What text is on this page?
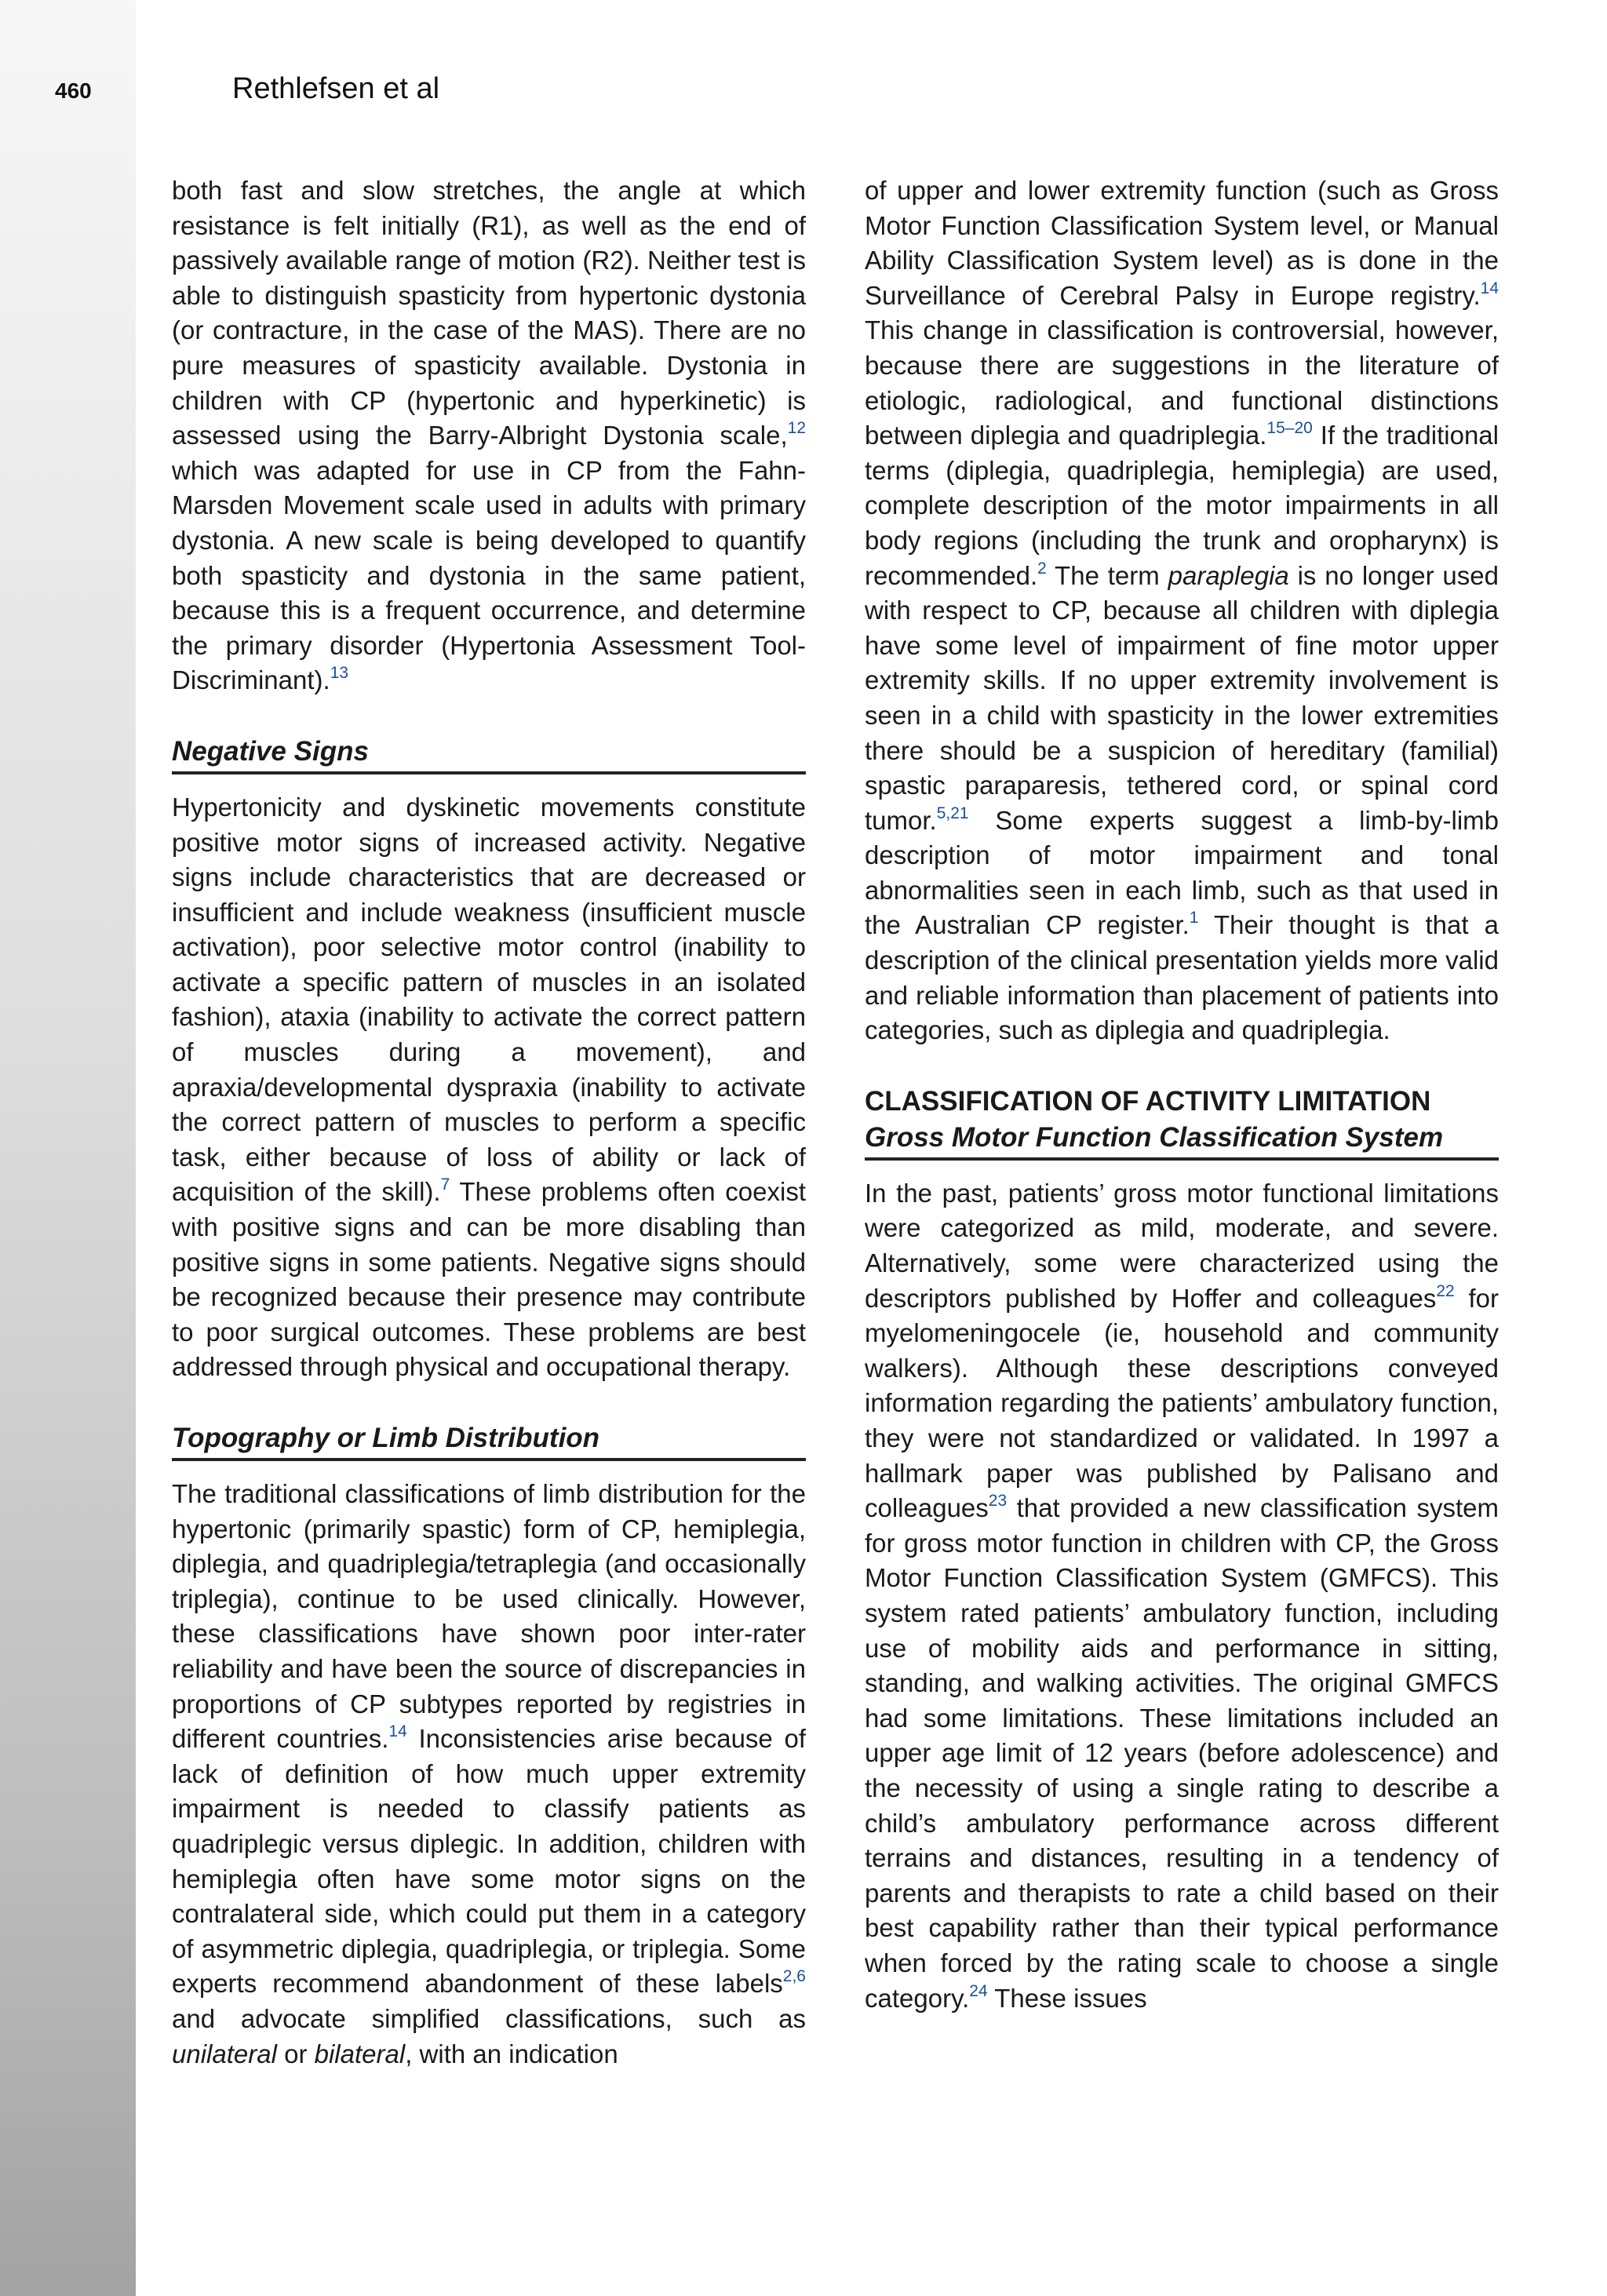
460	Rethlefsen et al

both fast and slow stretches, the angle at which resistance is felt initially (R1), as well as the end of passively available range of motion (R2). Neither test is able to distinguish spasticity from hypertonic dystonia (or contracture, in the case of the MAS). There are no pure measures of spasticity available. Dystonia in children with CP (hypertonic and hyperkinetic) is assessed using the Barry-Albright Dystonia scale,$^{12}$ which was adapted for use in CP from the Fahn-Marsden Movement scale used in adults with primary dystonia. A new scale is being developed to quantify both spasticity and dystonia in the same patient, because this is a frequent occurrence, and determine the primary disorder (Hypertonia Assessment Tool-Discriminant).$^{13}$

Negative Signs

Hypertonicity and dyskinetic movements constitute positive motor signs of increased activity. Negative signs include characteristics that are decreased or insufficient and include weakness (insufficient muscle activation), poor selective motor control (inability to activate a specific pattern of muscles in an isolated fashion), ataxia (inability to activate the correct pattern of muscles during a movement), and apraxia/developmental dyspraxia (inability to activate the correct pattern of muscles to perform a specific task, either because of loss of ability or lack of acquisition of the skill).$^7$ These problems often coexist with positive signs and can be more disabling than positive signs in some patients. Negative signs should be recognized because their presence may contribute to poor surgical outcomes. These problems are best addressed through physical and occupational therapy.

Topography or Limb Distribution

The traditional classifications of limb distribution for the hypertonic (primarily spastic) form of CP, hemiplegia, diplegia, and quadriplegia/tetraplegia (and occasionally triplegia), continue to be used clinically. However, these classifications have shown poor inter-rater reliability and have been the source of discrepancies in proportions of CP subtypes reported by registries in different countries.$^{14}$ Inconsistencies arise because of lack of definition of how much upper extremity impairment is needed to classify patients as quadriplegic versus diplegic. In addition, children with hemiplegia often have some motor signs on the contralateral side, which could put them in a category of asymmetric diplegia, quadriplegia, or triplegia. Some experts recommend abandonment of these labels$^{2,6}$ and advocate simplified classifications, such as unilateral or bilateral, with an indication

of upper and lower extremity function (such as Gross Motor Function Classification System level, or Manual Ability Classification System level) as is done in the Surveillance of Cerebral Palsy in Europe registry.$^{14}$ This change in classification is controversial, however, because there are suggestions in the literature of etiologic, radiological, and functional distinctions between diplegia and quadriplegia.$^{15-20}$ If the traditional terms (diplegia, quadriplegia, hemiplegia) are used, complete description of the motor impairments in all body regions (including the trunk and oropharynx) is recommended.$^2$ The term paraplegia is no longer used with respect to CP, because all children with diplegia have some level of impairment of fine motor upper extremity skills. If no upper extremity involvement is seen in a child with spasticity in the lower extremities there should be a suspicion of hereditary (familial) spastic paraparesis, tethered cord, or spinal cord tumor.$^{5,21}$ Some experts suggest a limb-by-limb description of motor impairment and tonal abnormalities seen in each limb, such as that used in the Australian CP register.$^1$ Their thought is that a description of the clinical presentation yields more valid and reliable information than placement of patients into categories, such as diplegia and quadriplegia.

CLASSIFICATION OF ACTIVITY LIMITATION
Gross Motor Function Classification System

In the past, patients’ gross motor functional limitations were categorized as mild, moderate, and severe. Alternatively, some were characterized using the descriptors published by Hoffer and colleagues$^{22}$ for myelomeningocele (ie, household and community walkers). Although these descriptions conveyed information regarding the patients’ ambulatory function, they were not standardized or validated. In 1997 a hallmark paper was published by Palisano and colleagues$^{23}$ that provided a new classification system for gross motor function in children with CP, the Gross Motor Function Classification System (GMFCS). This system rated patients’ ambulatory function, including use of mobility aids and performance in sitting, standing, and walking activities. The original GMFCS had some limitations. These limitations included an upper age limit of 12 years (before adolescence) and the necessity of using a single rating to describe a child’s ambulatory performance across different terrains and distances, resulting in a tendency of parents and therapists to rate a child based on their best capability rather than their typical performance when forced by the rating scale to choose a single category.$^{24}$ These issues
